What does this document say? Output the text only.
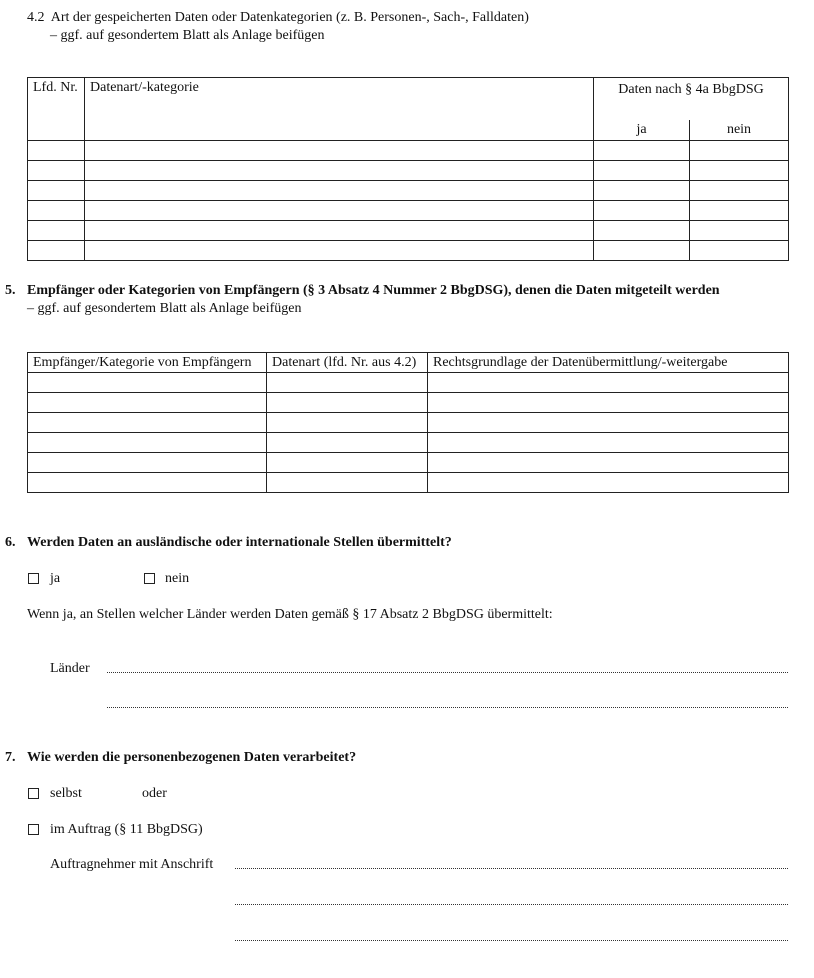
4.2  Art der gespeicherten Daten oder Datenkategorien (z. B. Personen-, Sach-, Falldaten)
– ggf. auf gesondertem Blatt als Anlage beifügen
Lfd. Nr.	Datenart/-kategorie	Daten nach § 4a BbgDSG	
		ja	nein

5. Empfänger oder Kategorien von Empfängern (§ 3 Absatz 4 Nummer 2 BbgDSG), denen die Daten mitgeteilt werden
– ggf. auf gesondertem Blatt als Anlage beifügen
Empfänger/Kategorie von Empfängern	Datenart (lfd. Nr. aus 4.2)	Rechtsgrundlage der Datenübermittlung/-weitergabe

6. Werden Daten an ausländische oder internationale Stellen übermittelt?
ja	nein
Wenn ja, an Stellen welcher Länder werden Daten gemäß § 17 Absatz 2 BbgDSG übermittelt:
Länder
7. Wie werden die personenbezogenen Daten verarbeitet?
selbst	oder
im Auftrag (§ 11 BbgDSG)
Auftragnehmer mit Anschrift
